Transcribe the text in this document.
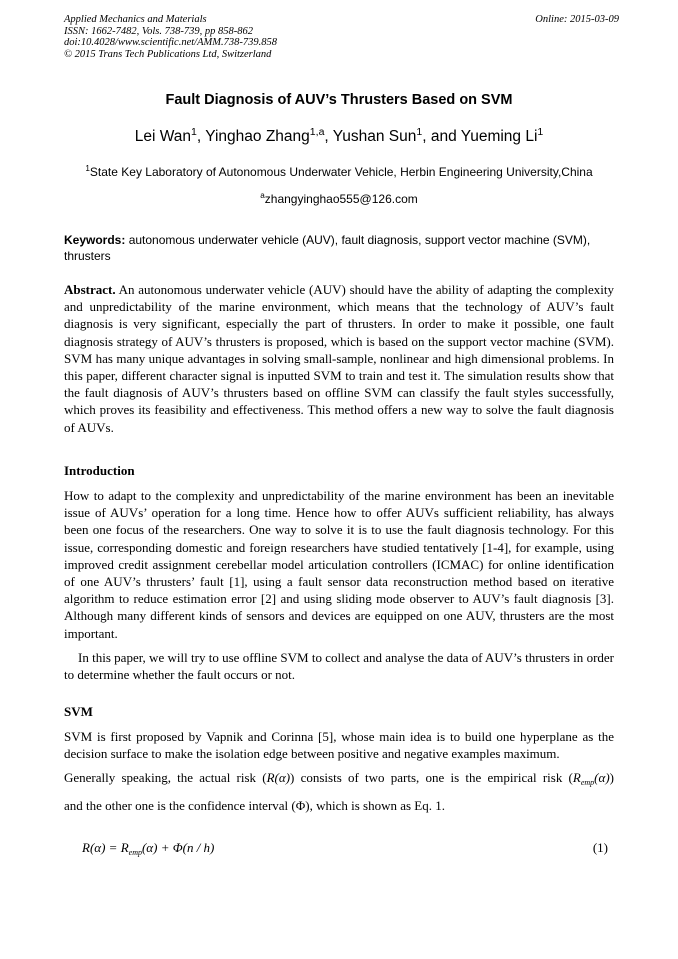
Applied Mechanics and Materials
ISSN: 1662-7482, Vols. 738-739, pp 858-862
doi:10.4028/www.scientific.net/AMM.738-739.858
© 2015 Trans Tech Publications Ltd, Switzerland
Online: 2015-03-09
Fault Diagnosis of AUV’s Thrusters Based on SVM
Lei Wan$^1$, Yinghao Zhang$^{1,a}$, Yushan Sun$^1$, and Yueming Li$^1$
$^1$State Key Laboratory of Autonomous Underwater Vehicle, Herbin Engineering University,China
$^a$zhangyinghao555@126.com
Keywords: autonomous underwater vehicle (AUV), fault diagnosis, support vector machine (SVM), thrusters
Abstract. An autonomous underwater vehicle (AUV) should have the ability of adapting the complexity and unpredictability of the marine environment, which means that the technology of AUV’s fault diagnosis is very significant, especially the part of thrusters. In order to make it possible, one fault diagnosis strategy of AUV’s thrusters is proposed, which is based on the support vector machine (SVM). SVM has many unique advantages in solving small-sample, nonlinear and high dimensional problems. In this paper, different character signal is inputted SVM to train and test it. The simulation results show that the fault diagnosis of AUV’s thrusters based on offline SVM can classify the fault styles successfully, which proves its feasibility and effectiveness. This method offers a new way to solve the fault diagnosis of AUVs.
Introduction
How to adapt to the complexity and unpredictability of the marine environment has been an inevitable issue of AUVs’ operation for a long time. Hence how to offer AUVs sufficient reliability, has always been one focus of the researchers. One way to solve it is to use the fault diagnosis technology. For this issue, corresponding domestic and foreign researchers have studied tentatively [1-4], for example, using improved credit assignment cerebellar model articulation controllers (ICMAC) for online identification of one AUV’s thrusters’ fault [1], using a fault sensor data reconstruction method based on iterative algorithm to reduce estimation error [2] and using sliding mode observer to AUV’s fault diagnosis [3]. Although many different kinds of sensors and devices are equipped on one AUV, thrusters are the most important.
In this paper, we will try to use offline SVM to collect and analyse the data of AUV’s thrusters in order to determine whether the fault occurs or not.
SVM
SVM is first proposed by Vapnik and Corinna [5], whose main idea is to build one hyperplane as the decision surface to make the isolation edge between positive and negative examples maximum.
Generally speaking, the actual risk (R(α)) consists of two parts, one is the empirical risk $(R_{emp}(\alpha))$
and the other one is the confidence interval (Φ), which is shown as Eq. 1.
$R(\alpha) = R_{emp}(\alpha) + \Phi(n / h)$	(1)
